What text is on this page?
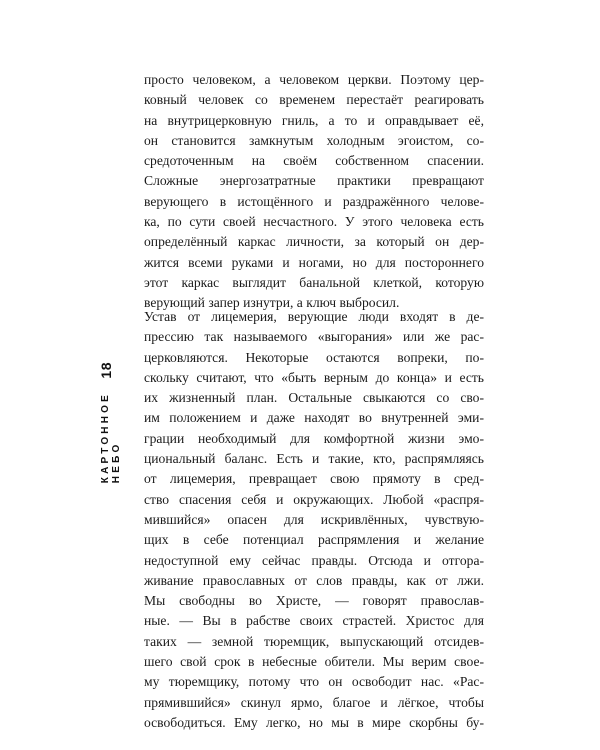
18
КАРТОННОЕ НЕБО
просто человеком, а человеком церкви. Поэтому цер-
ковный человек со временем перестаёт реагировать
на внутрицерковную гниль, а то и оправдывает её,
он становится замкнутым холодным эгоистом, со-
средоточенным на своём собственном спасении.
Сложные энергозатратные практики превращают
верующего в истощённого и раздражённого челове-
ка, по сути своей несчастного. У этого человека есть
определённый каркас личности, за который он дер-
жится всеми руками и ногами, но для постороннего
этот каркас выглядит банальной клеткой, которую
верующий запер изнутри, а ключ выбросил.
Устав от лицемерия, верующие люди входят в де-
прессию так называемого «выгорания» или же рас-
церковляются. Некоторые остаются вопреки, по-
скольку считают, что «быть верным до конца» и есть
их жизненный план. Остальные свыкаются со сво-
им положением и даже находят во внутренней эми-
грации необходимый для комфортной жизни эмо-
циональный баланс. Есть и такие, кто, распрямляясь
от лицемерия, превращает свою прямоту в сред-
ство спасения себя и окружающих. Любой «распря-
мившийся» опасен для искривлённых, чувствую-
щих в себе потенциал распрямления и желание
недоступной ему сейчас правды. Отсюда и отгора-
живание православных от слов правды, как от лжи.
Мы свободны во Христе, — говорят православ-
ные. — Вы в рабстве своих страстей. Христос для
таких — земной тюремщик, выпускающий отсидев-
шего свой срок в небесные обители. Мы верим свое-
му тюремщику, потому что он освободит нас. «Рас-
прямившийся» скинул ярмо, благое и лёгкое, чтобы
освободиться. Ему легко, но мы в мире скорбны бу-
